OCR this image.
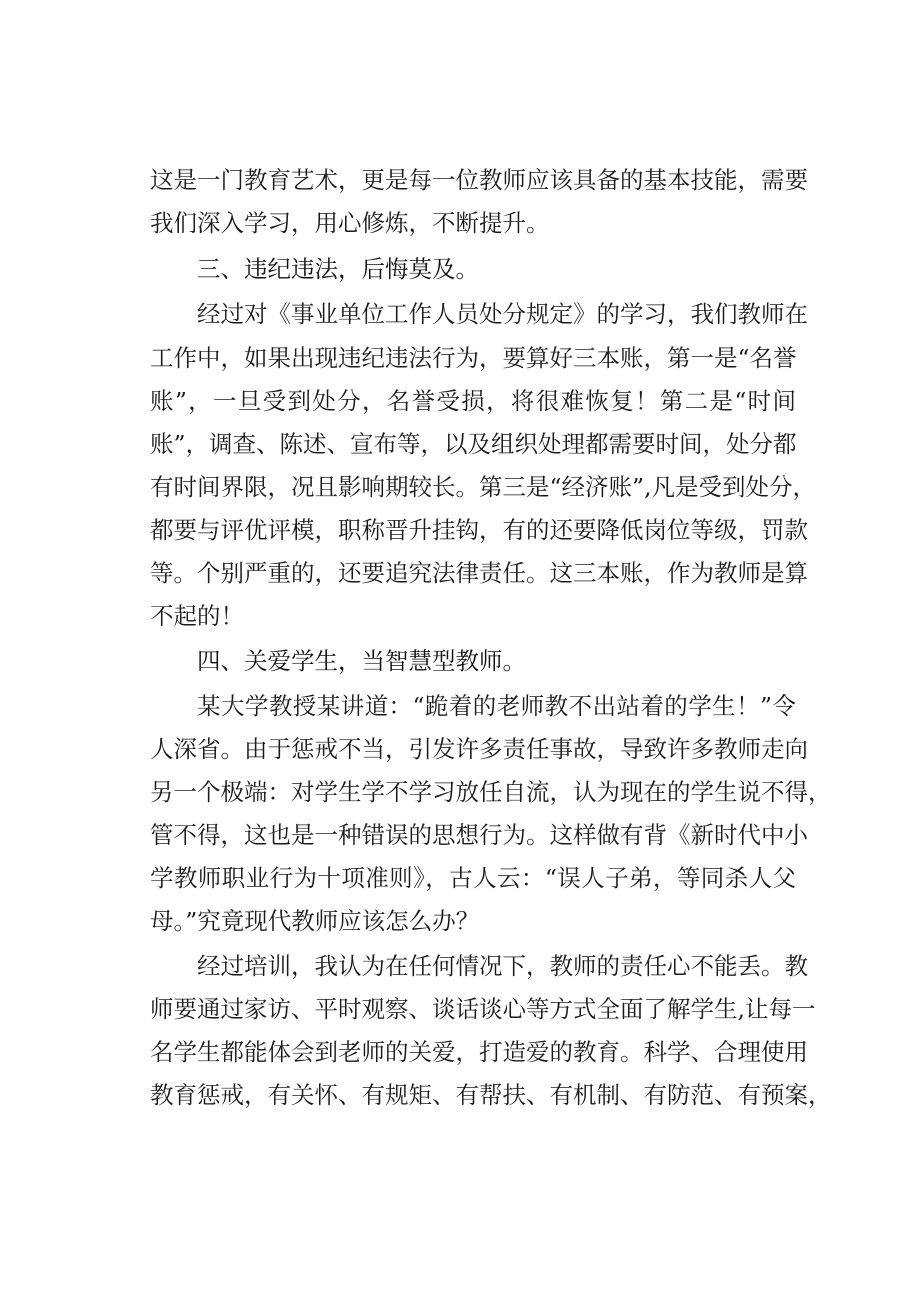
这是一门教育艺术，更是每一位教师应该具备的基本技能，需要
我们深入学习，用心修炼，不断提升。
三、违纪违法，后悔莫及。
经过对《事业单位工作人员处分规定》的学习，我们教师在
工作中，如果出现违纪违法行为，要算好三本账，第一是“名誉
账”，一旦受到处分，名誉受损，将很难恢复！第二是“时间
账”，调查、陈述、宣布等，以及组织处理都需要时间，处分都
有时间界限，况且影响期较长。第三是“经济账”,凡是受到处分，
都要与评优评模，职称晋升挂钩，有的还要降低岗位等级，罚款
等。个别严重的，还要追究法律责任。这三本账，作为教师是算
不起的！
四、关爱学生，当智慧型教师。
某大学教授某讲道：“跪着的老师教不出站着的学生！”令
人深省。由于惩戒不当，引发许多责任事故，导致许多教师走向
另一个极端：对学生学不学习放任自流，认为现在的学生说不得，
管不得，这也是一种错误的思想行为。这样做有背《新时代中小
学教师职业行为十项准则》，古人云：“误人子弟，等同杀人父
母。”究竟现代教师应该怎么办？
经过培训，我认为在任何情况下，教师的责任心不能丢。教
师要通过家访、平时观察、谈话谈心等方式全面了解学生,让每一
名学生都能体会到老师的关爱，打造爱的教育。科学、合理使用
教育惩戒，有关怀、有规矩、有帮扶、有机制、有防范、有预案，
